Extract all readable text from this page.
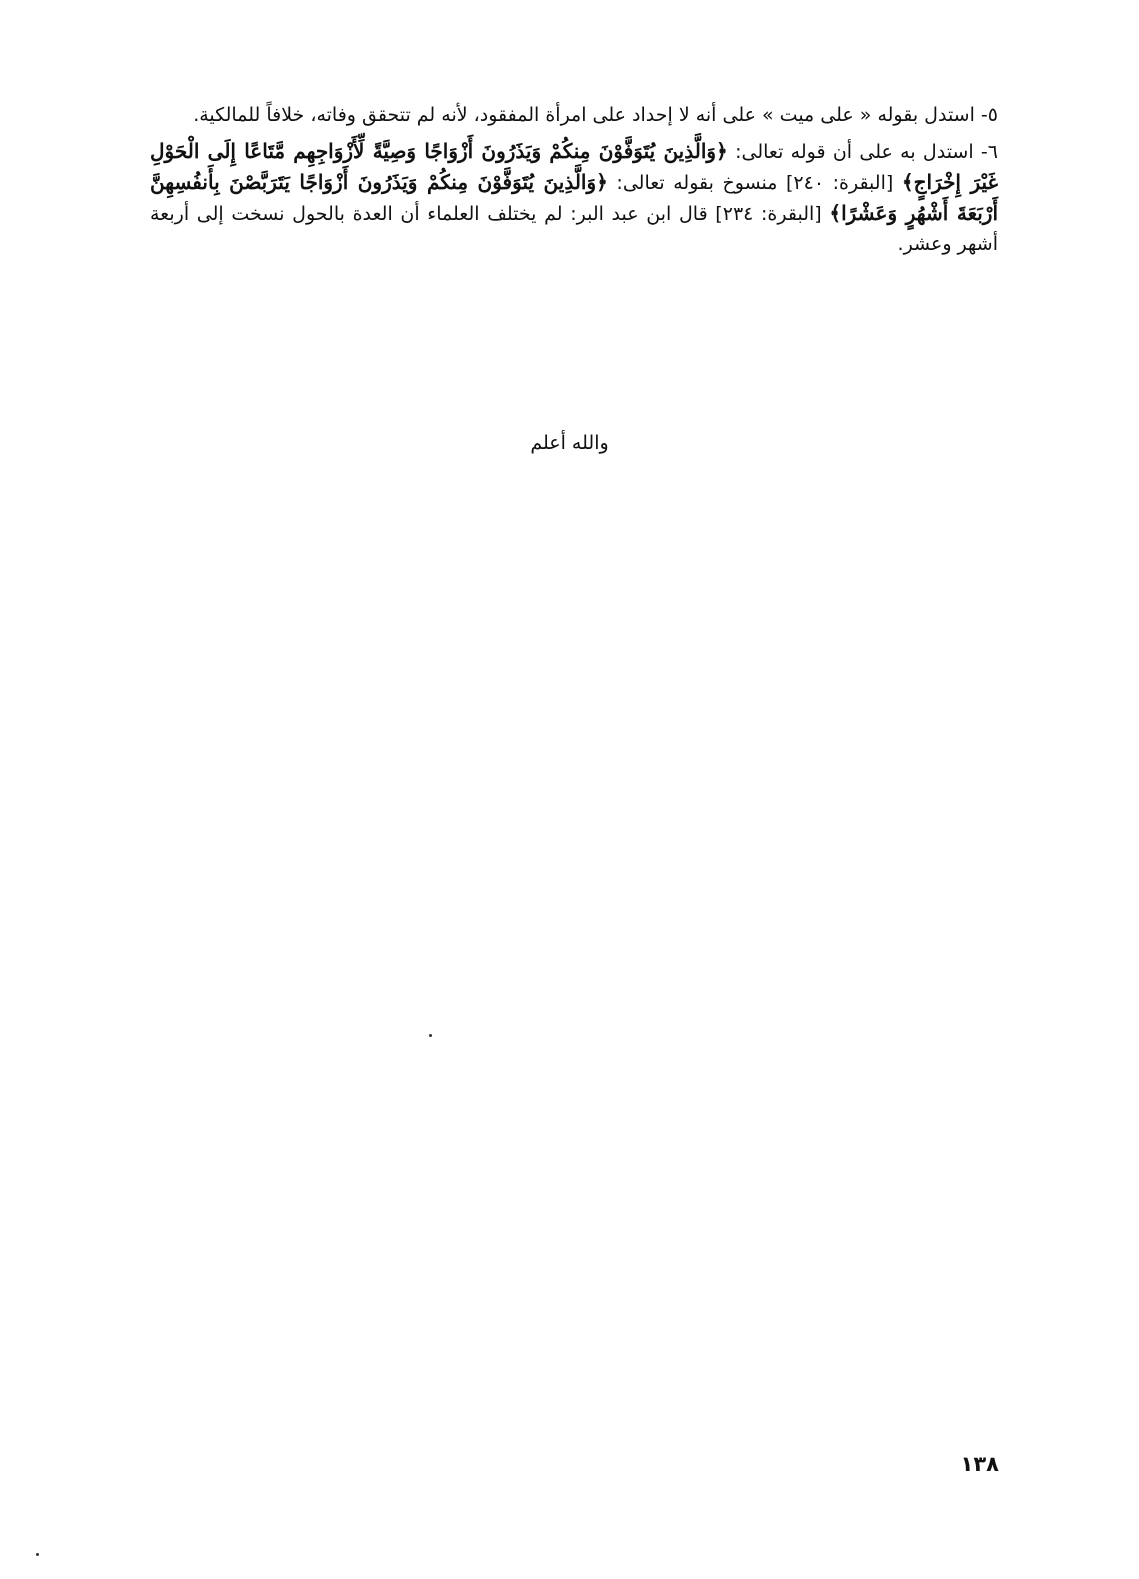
٥- استدل بقوله « على ميت » على أنه لا إحداد على امرأة المفقود، لأنه لم تتحقق وفاته، خلافاً للمالكية.

٦- استدل به على أن قوله تعالى: ﴿وَالَّذِينَ يُتَوَفَّوْنَ مِنكُمْ وَيَذَرُونَ أَزْوَاجًا وَصِيَّةً لِّأَزْوَاجِهِم مَّتَاعًا إِلَى الْحَوْلِ غَيْرَ إِخْرَاجٍ﴾ [البقرة: ٢٤٠] منسوخ بقوله تعالى: ﴿وَالَّذِينَ يُتَوَفَّوْنَ مِنكُمْ وَيَذَرُونَ أَزْوَاجًا يَتَرَبَّصْنَ بِأَنفُسِهِنَّ أَرْبَعَةَ أَشْهُرٍ وَعَشْرًا﴾ [البقرة: ٢٣٤] قال ابن عبد البر: لم يختلف العلماء أن العدة بالحول نسخت إلى أربعة أشهر وعشر.

والله أعلم
١٣٨
